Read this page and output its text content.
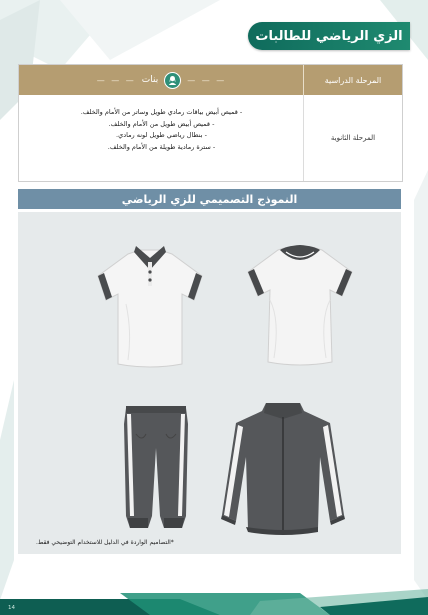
الزي الرياضي للطالبات
المرحلة الدراسية
— — —
بنات
— — —
المرحلة الثانوية
- قميص أبيض بياقات رمادي طويل وساتر من الأمام والخلف.
- قميص أبيض طويل من الأمام والخلف.
- بنطال رياضي طويل لونه رمادي.
- سترة رمادية طويلة من الأمام والخلف.
النموذج التصميمي للزي الرياضي
*التصاميم الواردة في الدليل للاستخدام التوضيحي فقط.
14
